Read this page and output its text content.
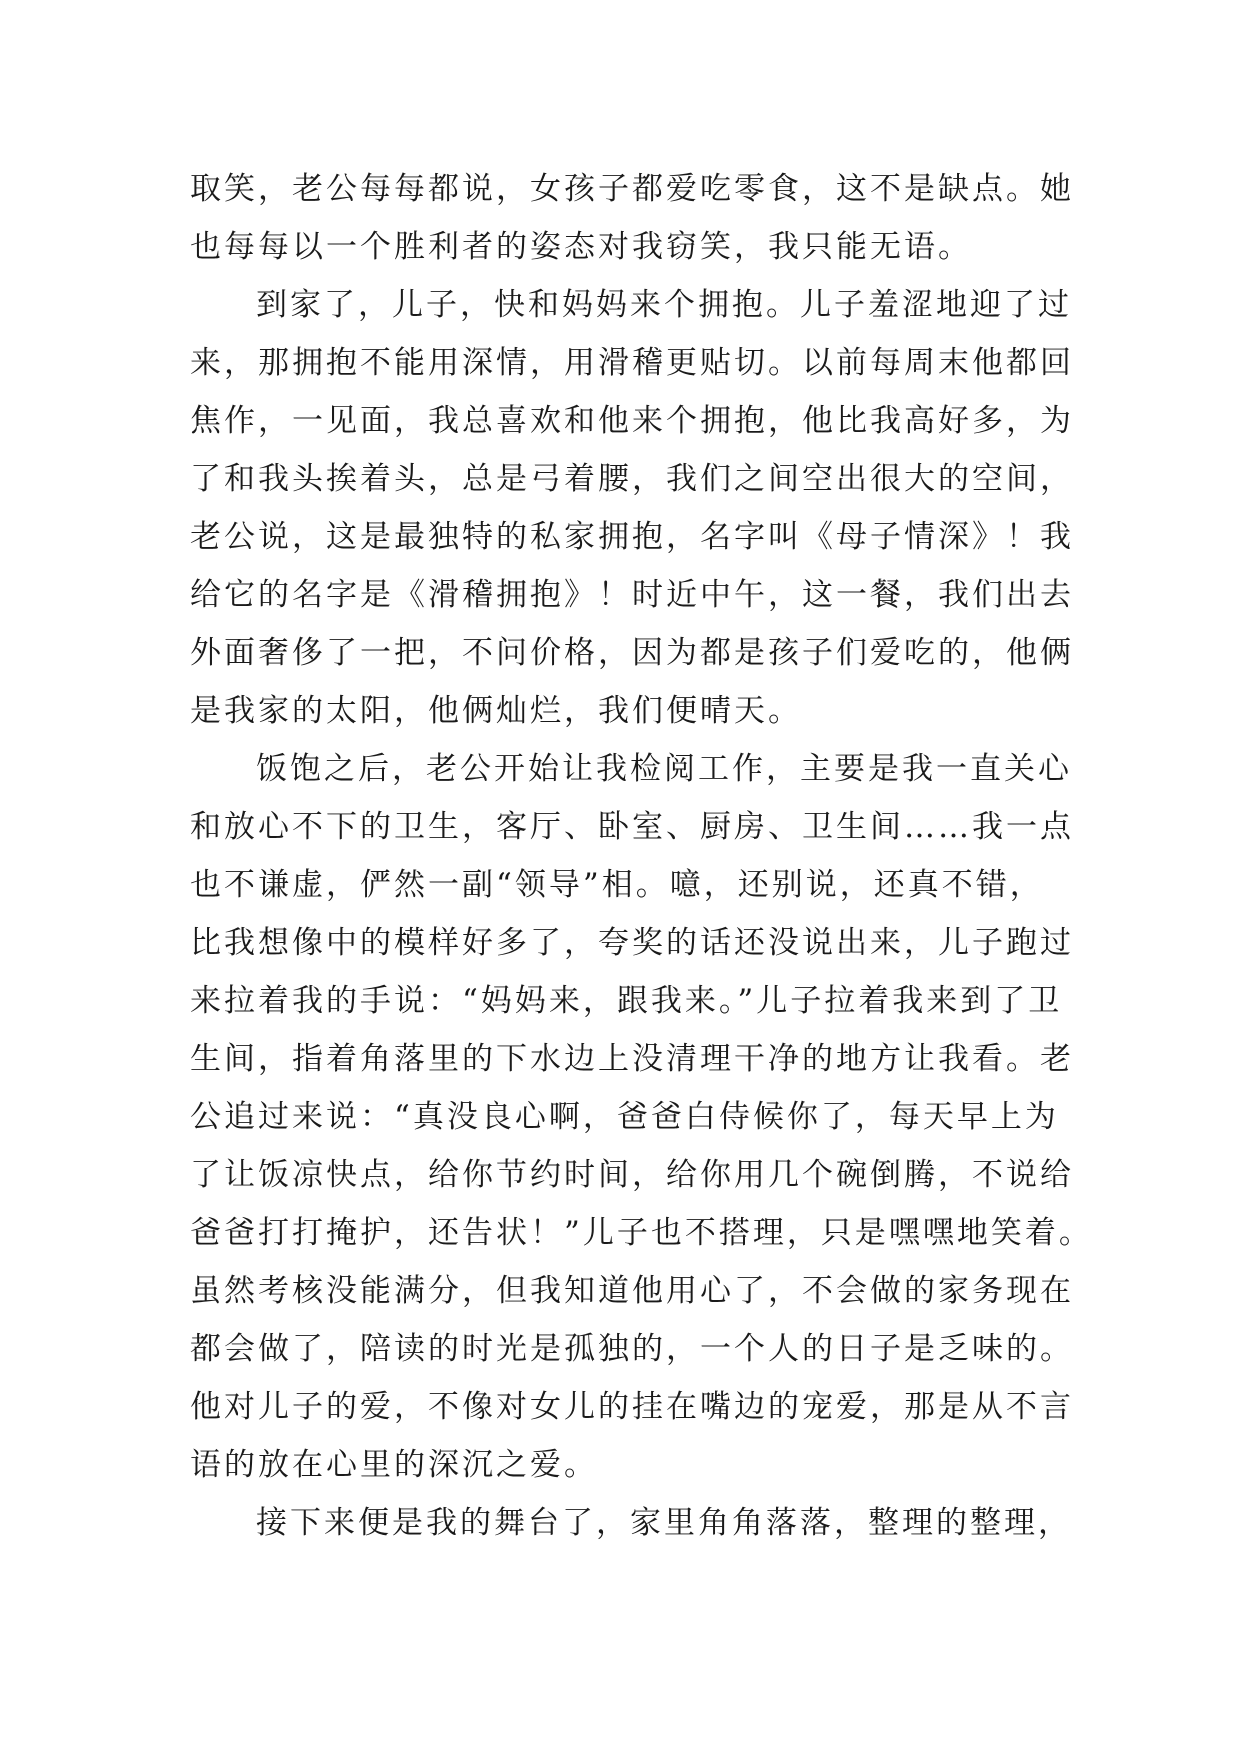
取笑，老公每每都说，女孩子都爱吃零食，这不是缺点。她
也每每以一个胜利者的姿态对我窃笑，我只能无语。
到家了，儿子，快和妈妈来个拥抱。儿子羞涩地迎了过
来，那拥抱不能用深情，用滑稽更贴切。以前每周末他都回
焦作，一见面，我总喜欢和他来个拥抱，他比我高好多，为
了和我头挨着头，总是弓着腰，我们之间空出很大的空间，
老公说，这是最独特的私家拥抱，名字叫《母子情深》！我
给它的名字是《滑稽拥抱》！时近中午，这一餐，我们出去
外面奢侈了一把，不问价格，因为都是孩子们爱吃的，他俩
是我家的太阳，他俩灿烂，我们便晴天。
饭饱之后，老公开始让我检阅工作，主要是我一直关心
和放心不下的卫生，客厅、卧室、厨房、卫生间……我一点
也不谦虚，俨然一副“领导”相。噫，还别说，还真不错，
比我想像中的模样好多了，夸奖的话还没说出来，儿子跑过
来拉着我的手说：“妈妈来，跟我来。”儿子拉着我来到了卫
生间，指着角落里的下水边上没清理干净的地方让我看。老
公追过来说：“真没良心啊，爸爸白侍候你了，每天早上为
了让饭凉快点，给你节约时间，给你用几个碗倒腾，不说给
爸爸打打掩护，还告状！”儿子也不搭理，只是嘿嘿地笑着。
虽然考核没能满分，但我知道他用心了，不会做的家务现在
都会做了，陪读的时光是孤独的，一个人的日子是乏味的。
他对儿子的爱，不像对女儿的挂在嘴边的宠爱，那是从不言
语的放在心里的深沉之爱。
接下来便是我的舞台了，家里角角落落，整理的整理，
